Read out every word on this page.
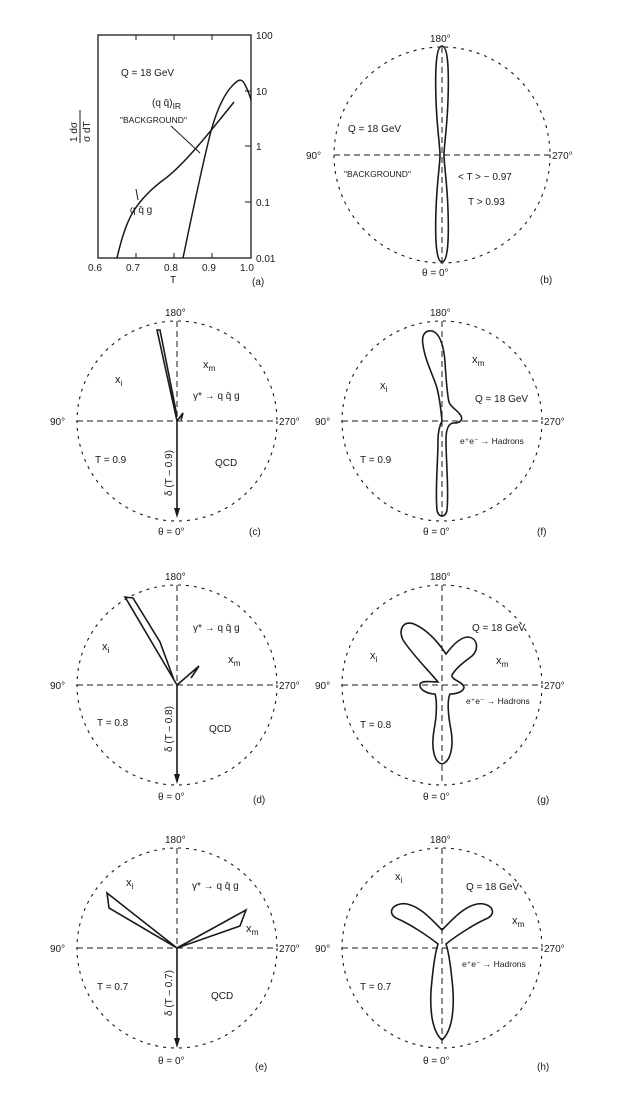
0.6 0.7 0.8 0.9 1.0
T
100
10
1
0.1
0.01
1 dσ σ dT
Q = 18 GeV
(q $q̄)_{IR}$
"BACKGROUND"
q q̄ g
(a)
180°
90°	270°
θ = 0°
Q = 18 GeV
"BACKGROUND"	< T > ~ 0.97
T > 0.93
(b)
180°
90°	270°
θ = 0°
$x_i$
$x_m$
γ* → q q̄ g
T = 0.9	QCD
δ (T – 0.9)
(c)
180°
90°	270°
θ = 0°
$x_i$
$x_m$
Q = 18 GeV
e⁺e⁻ → Hadrons
T = 0.9
(f)
180°
90°	270°
θ = 0°
$x_i$
$x_m$
γ* → q q̄ g
T = 0.8
QCD
δ (T – 0.8)
(d)
180°
90°	270°
θ = 0°
$x_i$	$x_m$
Q = 18 GeV
e⁺e⁻ → Hadrons
T = 0.8
(g)
180°
90°	270°
θ = 0°
$x_i$
$x_m$
γ* → q q̄ g
T = 0.7
QCD
δ (T – 0.7)
(e)
180°
90°	270°
θ = 0°
$x_i$
$x_m$
Q = 18 GeV
e⁺e⁻ → Hadrons
T = 0.7
(h)
